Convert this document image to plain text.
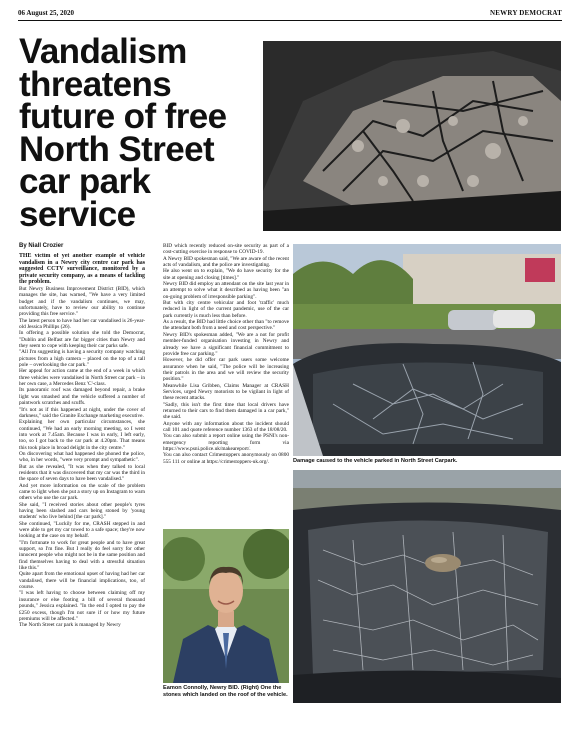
06 August 25, 2020	NEWRY DEMOCRAT
Vandalism threatens future of free North Street car park service
By Niall Crozier

THE victim of yet another example of vehicle vandalism in a Newry city centre car park has suggested CCTV surveillance, monitored by a private security company, as a means of tackling the problem.

But Newry Business Improvement District (BID), which manages the site, has warned, "We have a very limited budget and if the vandalism continues, we may, unfortunately, have to review our ability to continue providing this free service."

The latest person to have had her car vandalised is 26-year-old Jessica Phillips (26).

In offering a possible solution she told the Democrat, "Dublin and Belfast are far bigger cities than Newry and they seem to cope with keeping their car parks safe.

"All I'm suggesting is having a security company watching pictures from a high camera – placed on the top of a tall pole – overlooking the car park."

Her appeal for action came at the end of a week in which three vehicles were vandalised in North Street car park – in her own case, a Mercedes Benz 'C'-class.

Its panoramic roof was damaged beyond repair, a brake light was smashed and the vehicle suffered a number of paintwork scratches and scuffs.

"It's not as if this happened at night, under the cover of darkness," said the Granite Exchange marketing executive.

Explaining her own particular circumstances, she continued, "We had an early morning meeting, so I went into work at 7.45am. Because I was in early, I left early, too, so I got back to the car park at 4.20pm. That means this took place in broad delight in the city centre."

On discovering what had happened she phoned the police, who, in her words, "were very prompt and sympathetic".

But as she revealed, "It was when they talked to local residents that it was discovered that my car was the third in the space of seven days to have been vandalised."

And yet more information on the scale of the problem came to light when she put a story up on Instagram to warn others who use the car park.

She said, "I received stories about other people's tyres having been slashed and cars being stoned by 'young students' who live behind [the car park]."

She continued, "Luckily for me, CRASH stepped in and were able to get my car towed to a safe space; they're now looking at the case on my behalf.

"I'm fortunate to work for great people and to have great support, so I'm fine. But I really do feel sorry for other innocent people who might not be in the same position and find themselves having to deal with a stressful situation like this."

Quite apart from the emotional upset of having had her car vandalised, there will be financial implications, too, of course.

"I was left having to choose between claiming off my insurance or else footing a bill of several thousand pounds," Jessica explained. "In the end I opted to pay the £250 excess, though I'm not sure if or how my future premiums will be affected."

The North Street car park is managed by Newry

BID which recently reduced on-site security as part of a cost-cutting exercise in response to COVID-19.

A Newry BID spokesman said, "We are aware of the recent acts of vandalism, and the police are investigating.

He also went on to explain, "We do have security for the site at opening and closing [times]."

Newry BID did employ an attendant on the site last year in an attempt to solve what it described as having been "an on-going problem of irresponsible parking".

But with city centre vehicular and foot 'traffic' much reduced in light of the current pandemic, use of the car park currently is much less than before.

As a result, the BID had little choice other than "to remove the attendant both from a need and cost perspective."

Newry BID's spokesman added, "We are a not for profit member-funded organisation investing in Newry and already we have a significant financial commitment to provide free car parking."

However, he did offer car park users some welcome assurance when he said, "The police will be increasing their patrols in the area and we will review the security position."

Meanwhile Lisa Gribben, Claims Manager at CRASH Services, urged Newry motorists to be vigilant in light of these recent attacks.

"Sadly, this isn't the first time that local drivers have returned to their cars to find them damaged in a car park," she said.

Anyone with any information about the incident should call 101 and quote reference number 1363 of the 18/08/20.

You can also submit a report online using the PSNI's non-emergency reporting form via https://www.psni.police.uk/makeareport/.

You can also contact Crimestoppers anonymously on 0800 555 111 or online at https://crimestoppers-uk.org/.

Eamon Connolly, Newry BID. (Right) One the stones which landed on the roof of the vehicle.
Damage caused to the vehicle parked in North Street Carpark.
